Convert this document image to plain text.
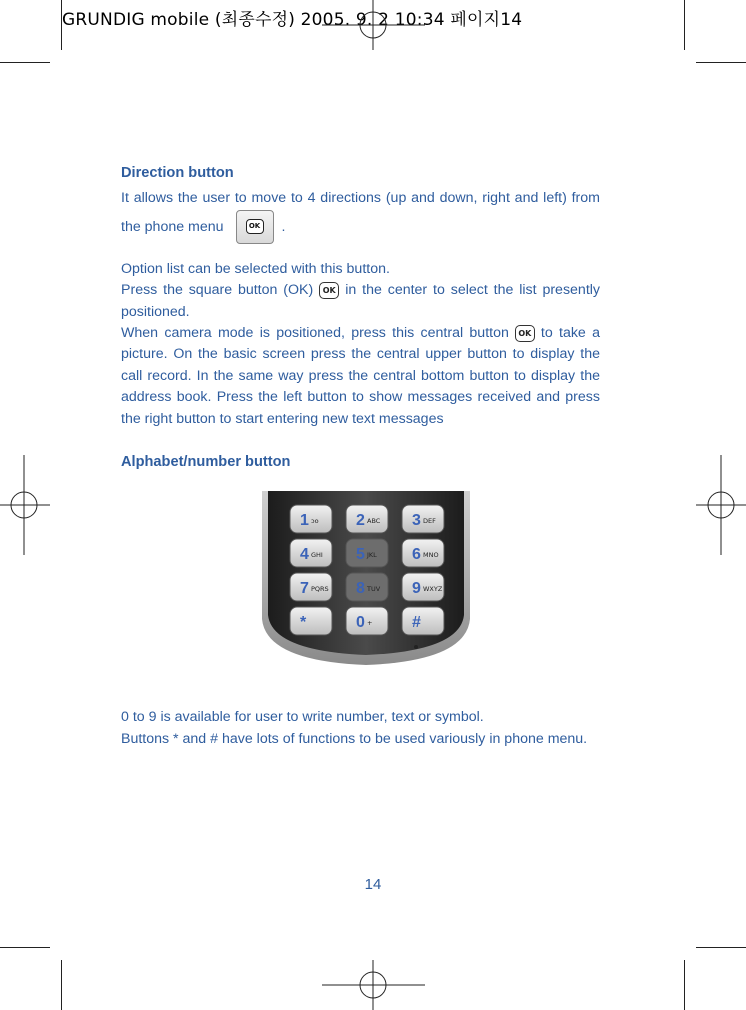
GRUNDIG mobile (최종수정) 2005. 9. 2 10:34 페이지14

Direction button

It allows the user to move to 4 directions (up and down, right and left) from the phone menu	OK .

Option list can be selected with this button.

Press the square button (OK) OK in the center to select the list presently positioned.

When camera mode is positioned, press this central button OK to take a picture. On the basic screen press the central upper button to display the call record. In the same way press the central bottom button to display the address book. Press the left button to show messages received and press the right button to start entering new text messages

Alphabet/number button

1 ↄo 2 ABC 3 DEF
4 GHI 5 JKL 6 MNO
7 PQRS 8 TUV 9 WXYZ
*	0 + #
0 to 9 is available for user to write number, text or symbol.
Buttons * and # have lots of functions to be used variously in phone menu.
14
